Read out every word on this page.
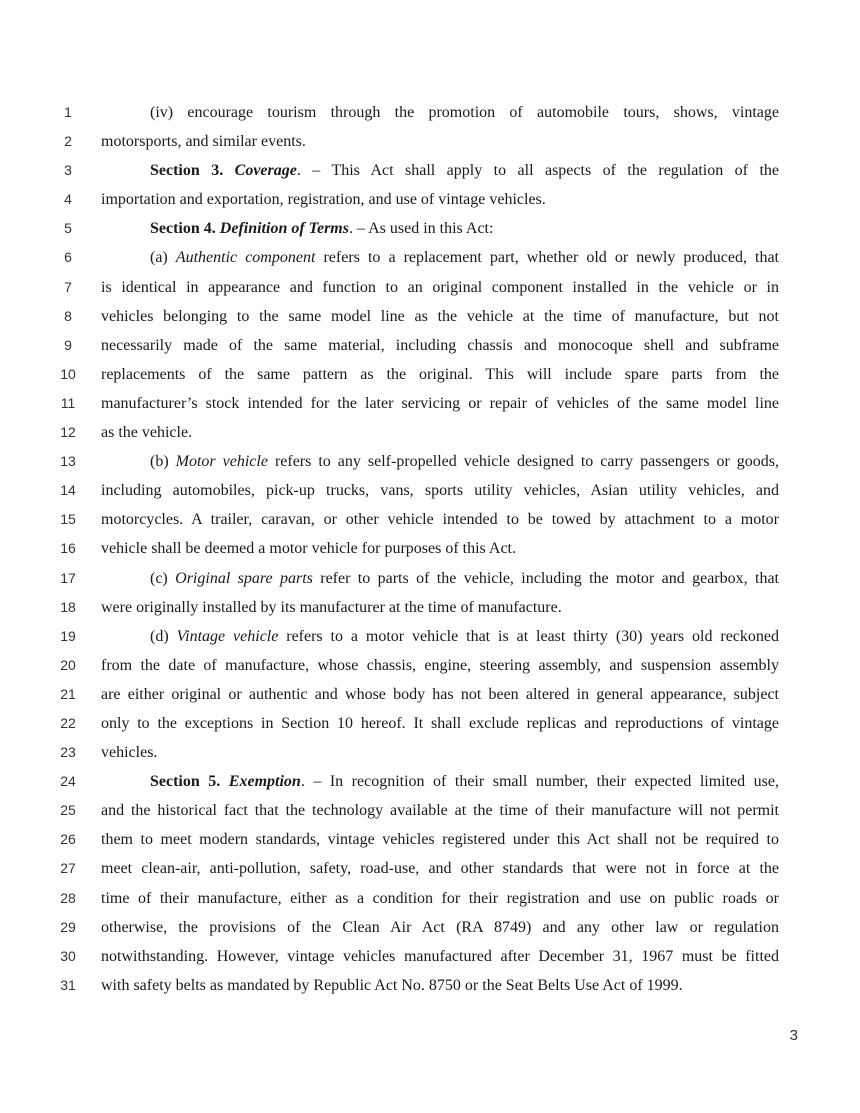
1	(iv) encourage tourism through the promotion of automobile tours, shows, vintage
2	motorsports, and similar events.
3	Section 3. Coverage. – This Act shall apply to all aspects of the regulation of the
4	importation and exportation, registration, and use of vintage vehicles.
5	Section 4. Definition of Terms. – As used in this Act:
6	(a) Authentic component refers to a replacement part, whether old or newly produced, that
7	is identical in appearance and function to an original component installed in the vehicle or in
8	vehicles belonging to the same model line as the vehicle at the time of manufacture, but not
9	necessarily made of the same material, including chassis and monocoque shell and subframe
10 replacements of the same pattern as the original. This will include spare parts from the
11 manufacturer’s stock intended for the later servicing or repair of vehicles of the same model line
12 as the vehicle.
13	(b) Motor vehicle refers to any self-propelled vehicle designed to carry passengers or goods,
14 including automobiles, pick-up trucks, vans, sports utility vehicles, Asian utility vehicles, and
15 motorcycles. A trailer, caravan, or other vehicle intended to be towed by attachment to a motor
16 vehicle shall be deemed a motor vehicle for purposes of this Act.
17	(c) Original spare parts refer to parts of the vehicle, including the motor and gearbox, that
18 were originally installed by its manufacturer at the time of manufacture.
19	(d) Vintage vehicle refers to a motor vehicle that is at least thirty (30) years old reckoned
20 from the date of manufacture, whose chassis, engine, steering assembly, and suspension assembly
21 are either original or authentic and whose body has not been altered in general appearance, subject
22 only to the exceptions in Section 10 hereof. It shall exclude replicas and reproductions of vintage
23 vehicles.
24	Section 5. Exemption. – In recognition of their small number, their expected limited use,
25 and the historical fact that the technology available at the time of their manufacture will not permit
26 them to meet modern standards, vintage vehicles registered under this Act shall not be required to
27 meet clean-air, anti-pollution, safety, road-use, and other standards that were not in force at the
28 time of their manufacture, either as a condition for their registration and use on public roads or
29 otherwise, the provisions of the Clean Air Act (RA 8749) and any other law or regulation
30 notwithstanding. However, vintage vehicles manufactured after December 31, 1967 must be fitted
31 with safety belts as mandated by Republic Act No. 8750 or the Seat Belts Use Act of 1999.
3
